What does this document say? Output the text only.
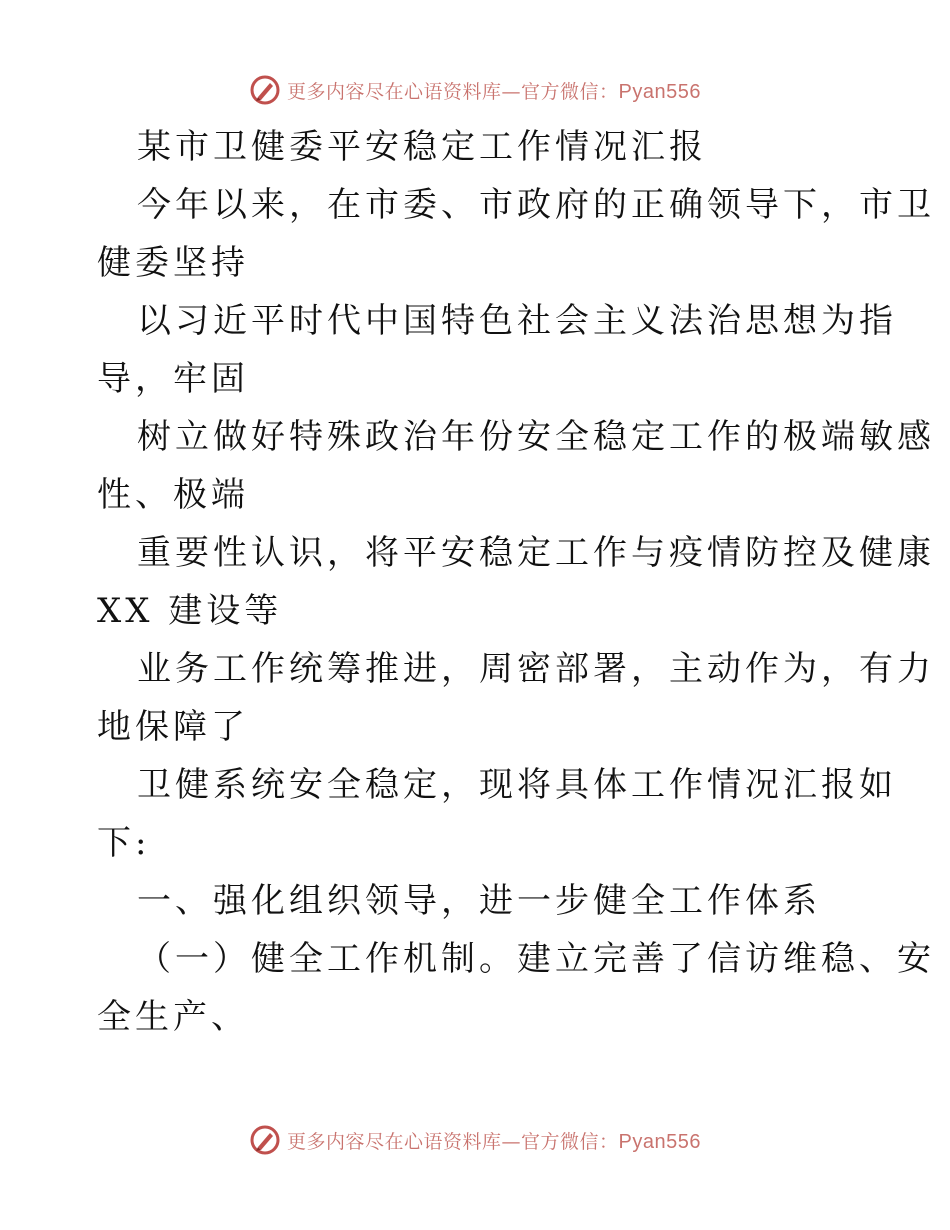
更多内容尽在心语资料库—官方微信：Pyan556
某市卫健委平安稳定工作情况汇报
今年以来，在市委、市政府的正确领导下，市卫
健委坚持
以习近平时代中国特色社会主义法治思想为指
导，牢固
树立做好特殊政治年份安全稳定工作的极端敏感
性、极端
重要性认识，将平安稳定工作与疫情防控及健康
XX 建设等
业务工作统筹推进，周密部署，主动作为，有力
地保障了
卫健系统安全稳定，现将具体工作情况汇报如
下:
一、强化组织领导，进一步健全工作体系
（一）健全工作机制。建立完善了信访维稳、安
全生产、
更多内容尽在心语资料库—官方微信：Pyan556
